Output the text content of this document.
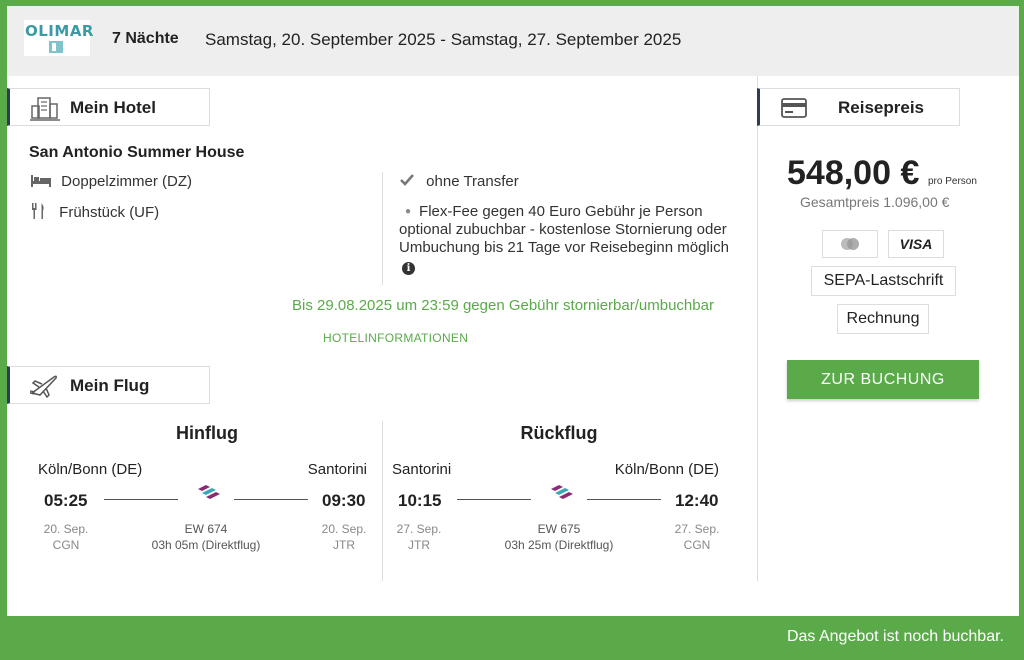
OLIMAR 7 Nächte Samstag, 20. September 2025 - Samstag, 27. September 2025
Mein Hotel
San Antonio Summer House
Doppelzimmer (DZ)
Frühstück (UF)
ohne Transfer
● Flex-Fee gegen 40 Euro Gebühr je Person optional zubuchbar - kostenlose Stornierung oder Umbuchung bis 21 Tage vor Reisebeginn möglich i
Bis 29.08.2025 um 23:59 gegen Gebühr stornierbar/umbuchbar
HOTELINFORMATIONEN
Mein Flug
Hinflug
Köln/Bonn (DE)	Santorini
05:25	09:30
20. Sep.
CGN
EW 674
03h 05m (Direktflug)
20. Sep.
JTR
Rückflug
Santorini	Köln/Bonn (DE)
10:15	12:40
27. Sep.
JTR
EW 675
03h 25m (Direktflug)
27. Sep.
CGN
Reisepreis
548,00 € pro Person
Gesamtpreis 1.096,00 €
VISA
SEPA-Lastschrift
Rechnung
ZUR BUCHUNG
Das Angebot ist noch buchbar.
